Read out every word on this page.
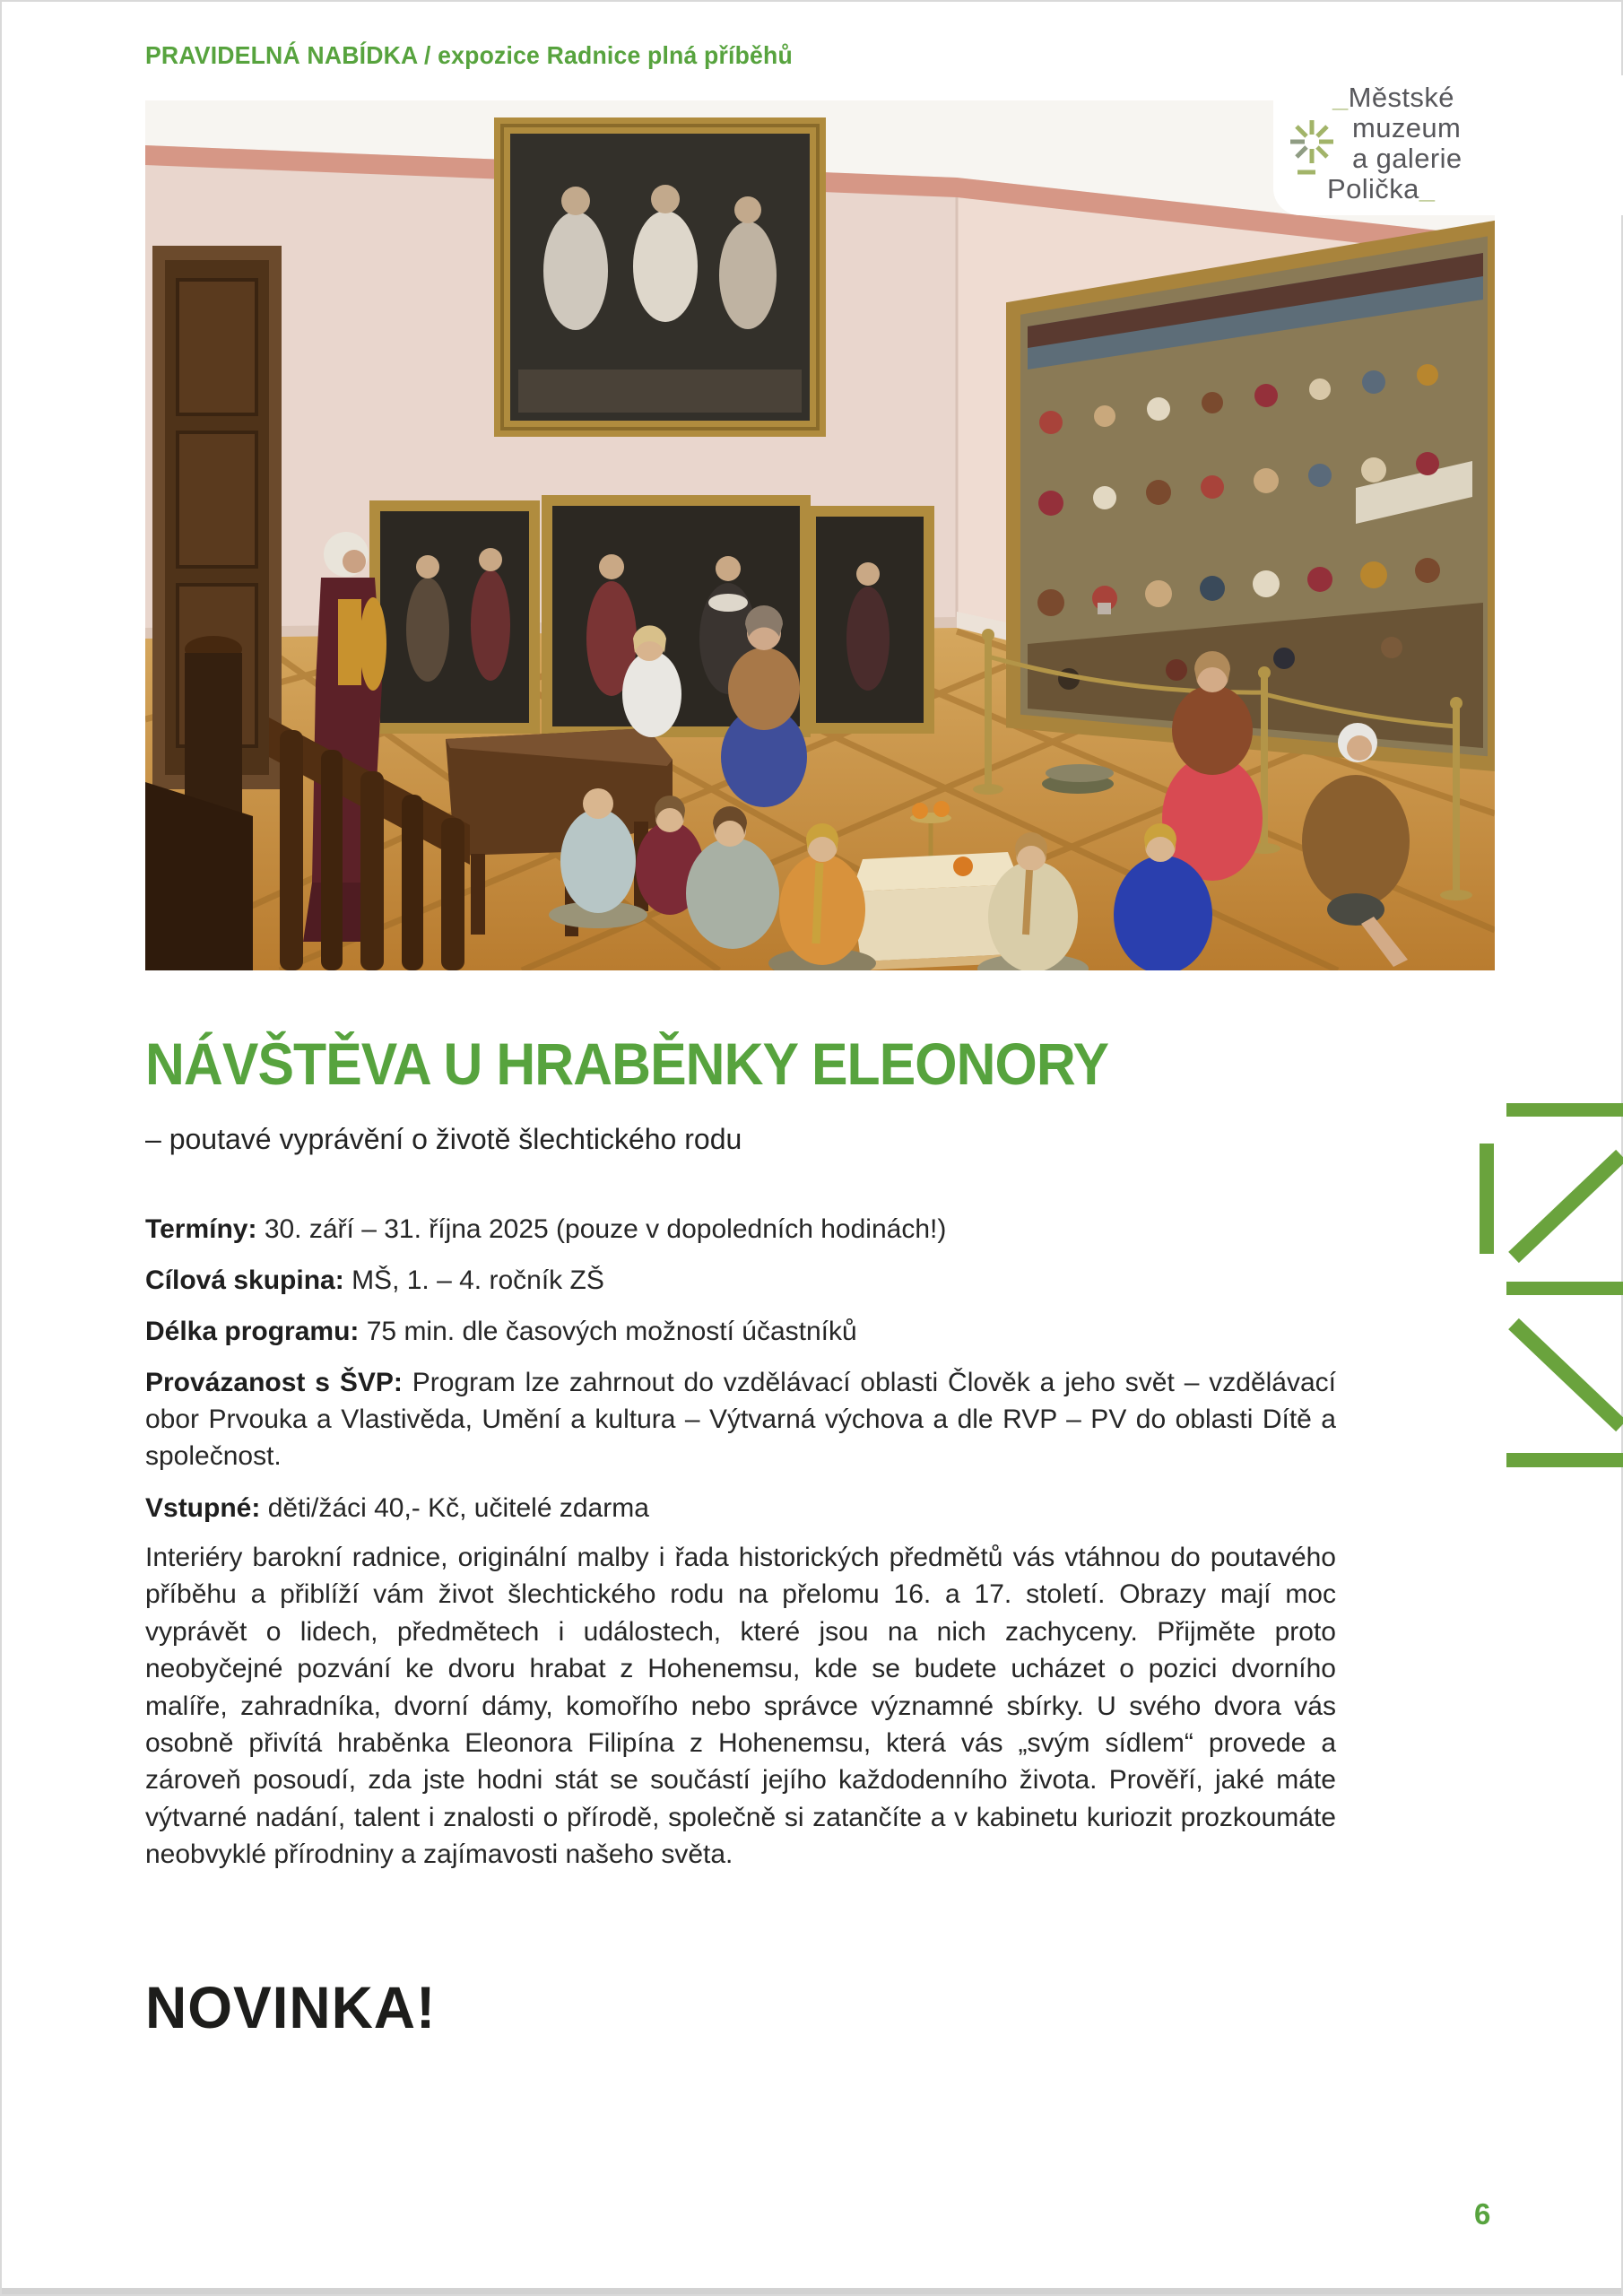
PRAVIDELNÁ NABÍDKA / expozice Radnice plná příběhů
_Městské
muzeum
a galerie
Polička_
NÁVŠTĚVA U HRABĚNKY ELEONORY
– poutavé vyprávění o životě šlechtického rodu

Termíny: 30. září – 31. října 2025 (pouze v dopoledních hodinách!)

Cílová skupina: MŠ, 1. – 4. ročník ZŠ

Délka programu: 75 min. dle časových možností účastníků

Provázanost s ŠVP: Program lze zahrnout do vzdělávací oblasti Člověk a jeho svět – vzdělávací obor Prvouka a Vlastivěda, Umění a kultura – Výtvarná výchova a dle RVP – PV do oblasti Dítě a společnost.

Vstupné: děti/žáci 40,- Kč, učitelé zdarma

Interiéry barokní radnice, originální malby i řada historických předmětů vás vtáhnou do poutavého příběhu a přiblíží vám život šlechtického rodu na přelomu 16. a 17. století. Obrazy mají moc vyprávět o lidech, předmětech i událostech, které jsou na nich zachyceny. Přijměte proto neobyčejné pozvání ke dvoru hrabat z Hohenemsu, kde se budete ucházet o pozici dvorního malíře, zahradníka, dvorní dámy, komořího nebo správce významné sbírky. U svého dvora vás osobně přivítá hraběnka Eleonora Filipína z Hohenemsu, která vás „svým sídlem“ provede a zároveň posoudí, zda jste hodni stát se součástí jejího každodenního života. Prověří, jaké máte výtvarné nadání, talent i znalosti o přírodě, společně si zatančíte a v kabinetu kuriozit prozkoumáte neobvyklé přírodniny a zajímavosti našeho světa.

NOVINKA!
6
